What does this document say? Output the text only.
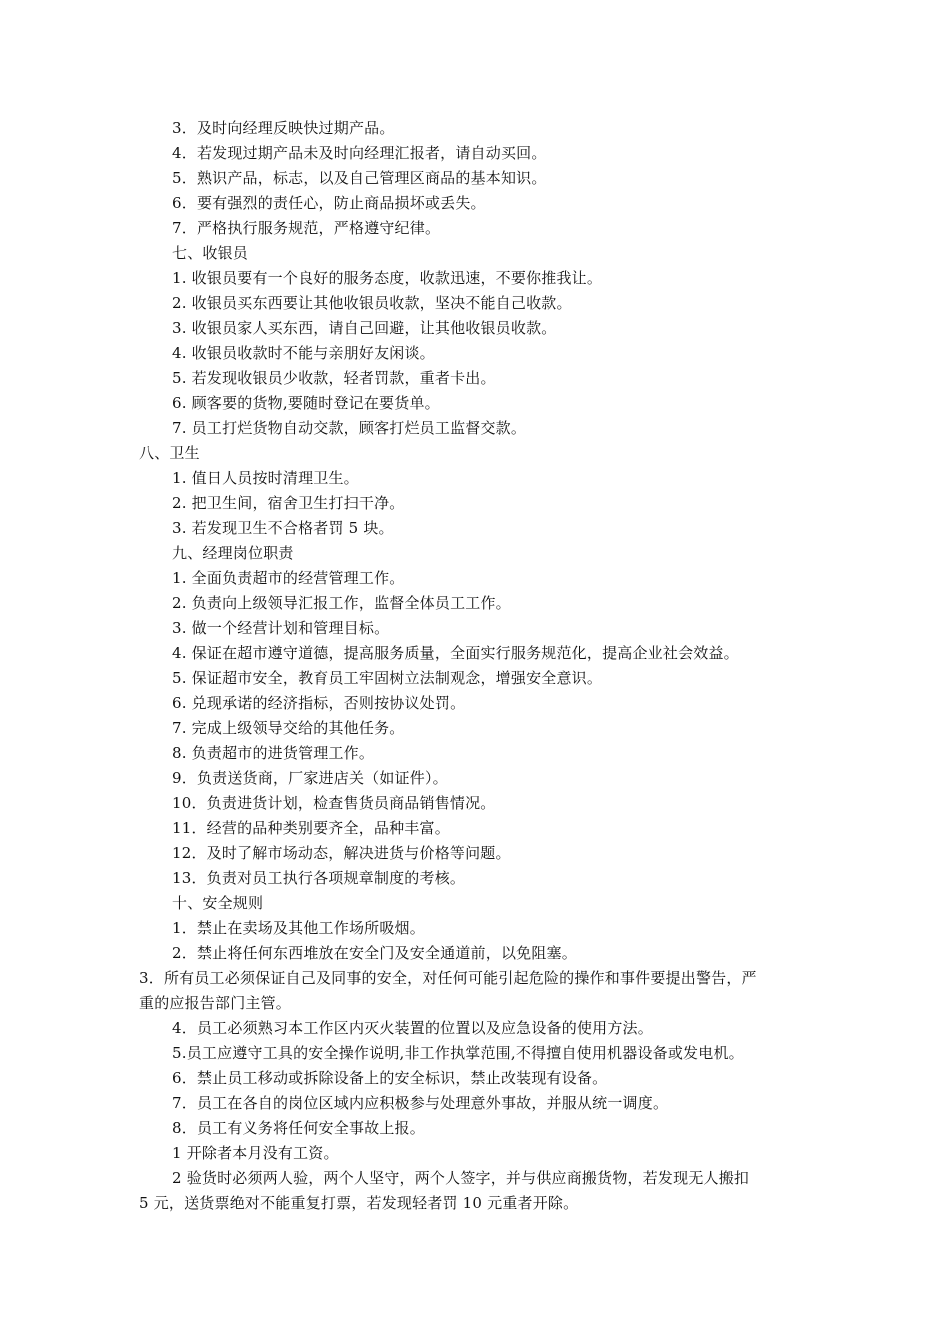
3．及时向经理反映快过期产品。
4．若发现过期产品未及时向经理汇报者，请自动买回。
5．熟识产品，标志，以及自己管理区商品的基本知识。
6．要有强烈的责任心，防止商品损坏或丢失。
7．严格执行服务规范，严格遵守纪律。
七、收银员
1. 收银员要有一个良好的服务态度，收款迅速，不要你推我让。
2. 收银员买东西要让其他收银员收款，坚决不能自己收款。
3. 收银员家人买东西，请自己回避，让其他收银员收款。
4. 收银员收款时不能与亲朋好友闲谈。
5. 若发现收银员少收款，轻者罚款，重者卡出。
6. 顾客要的货物,要随时登记在要货单。
7. 员工打烂货物自动交款，顾客打烂员工监督交款。
八、卫生
1. 值日人员按时清理卫生。
2. 把卫生间，宿舍卫生打扫干净。
3. 若发现卫生不合格者罚 5 块。
九、经理岗位职责
1. 全面负责超市的经营管理工作。
2. 负责向上级领导汇报工作，监督全体员工工作。
3. 做一个经营计划和管理目标。
4. 保证在超市遵守道德，提高服务质量，全面实行服务规范化，提高企业社会效益。
5. 保证超市安全，教育员工牢固树立法制观念，增强安全意识。
6. 兑现承诺的经济指标，否则按协议处罚。
7. 完成上级领导交给的其他任务。
8. 负责超市的进货管理工作。
9．负责送货商，厂家进店关（如证件）。
10．负责进货计划，检查售货员商品销售情况。
11．经营的品种类别要齐全，品种丰富。
12．及时了解市场动态，解决进货与价格等问题。
13．负责对员工执行各项规章制度的考核。
十、安全规则
1．禁止在卖场及其他工作场所吸烟。
2．禁止将任何东西堆放在安全门及安全通道前，以免阻塞。
3．所有员工必须保证自己及同事的安全，对任何可能引起危险的操作和事件要提出警告，严
重的应报告部门主管。
4．员工必须熟习本工作区内灭火装置的位置以及应急设备的使用方法。
5.员工应遵守工具的安全操作说明,非工作执掌范围,不得擅自使用机器设备或发电机。
6．禁止员工移动或拆除设备上的安全标识，禁止改装现有设备。
7．员工在各自的岗位区域内应积极参与处理意外事故，并服从统一调度。
8．员工有义务将任何安全事故上报。
1 开除者本月没有工资。
2 验货时必须两人验，两个人坚守，两个人签字，并与供应商搬货物，若发现无人搬扣
5 元，送货票绝对不能重复打票，若发现轻者罚 10 元重者开除。
